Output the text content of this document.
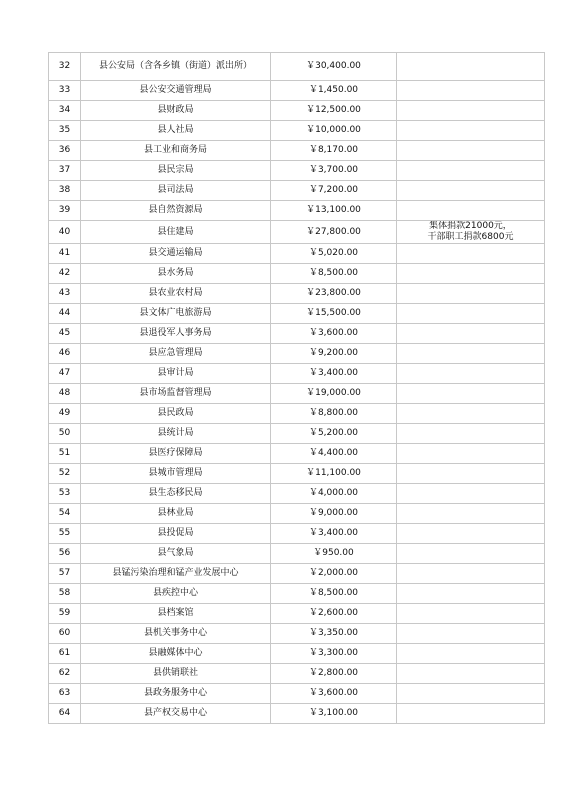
32	县公安局（含各乡镇（街道）派出所）	￥30,400.00	
33	县公安交通管理局	￥1,450.00	
34	县财政局	￥12,500.00	
35	县人社局	￥10,000.00	
36	县工业和商务局	￥8,170.00	
37	县民宗局	￥3,700.00	
38	县司法局	￥7,200.00	
39	县自然资源局	￥13,100.00	
40	县住建局	￥27,800.00	集体捐款21000元，
干部职工捐款6800元

41	县交通运输局	￥5,020.00	
42	县水务局	￥8,500.00	
43	县农业农村局	￥23,800.00	
44	县文体广电旅游局	￥15,500.00	
45	县退役军人事务局	￥3,600.00	
46	县应急管理局	￥9,200.00	
47	县审计局	￥3,400.00	
48	县市场监督管理局	￥19,000.00	
49	县民政局	￥8,800.00	
50	县统计局	￥5,200.00	
51	县医疗保障局	￥4,400.00	
52	县城市管理局	￥11,100.00	
53	县生态移民局	￥4,000.00	
54	县林业局	￥9,000.00	
55	县投促局	￥3,400.00	
56	县气象局	￥950.00	
57	县锰污染治理和锰产业发展中心	￥2,000.00	
58	县疾控中心	￥8,500.00	
59	县档案馆	￥2,600.00	
60	县机关事务中心	￥3,350.00	
61	县融媒体中心	￥3,300.00	
62	县供销联社	￥2,800.00	
63	县政务服务中心	￥3,600.00	
64	县产权交易中心	￥3,100.00	
